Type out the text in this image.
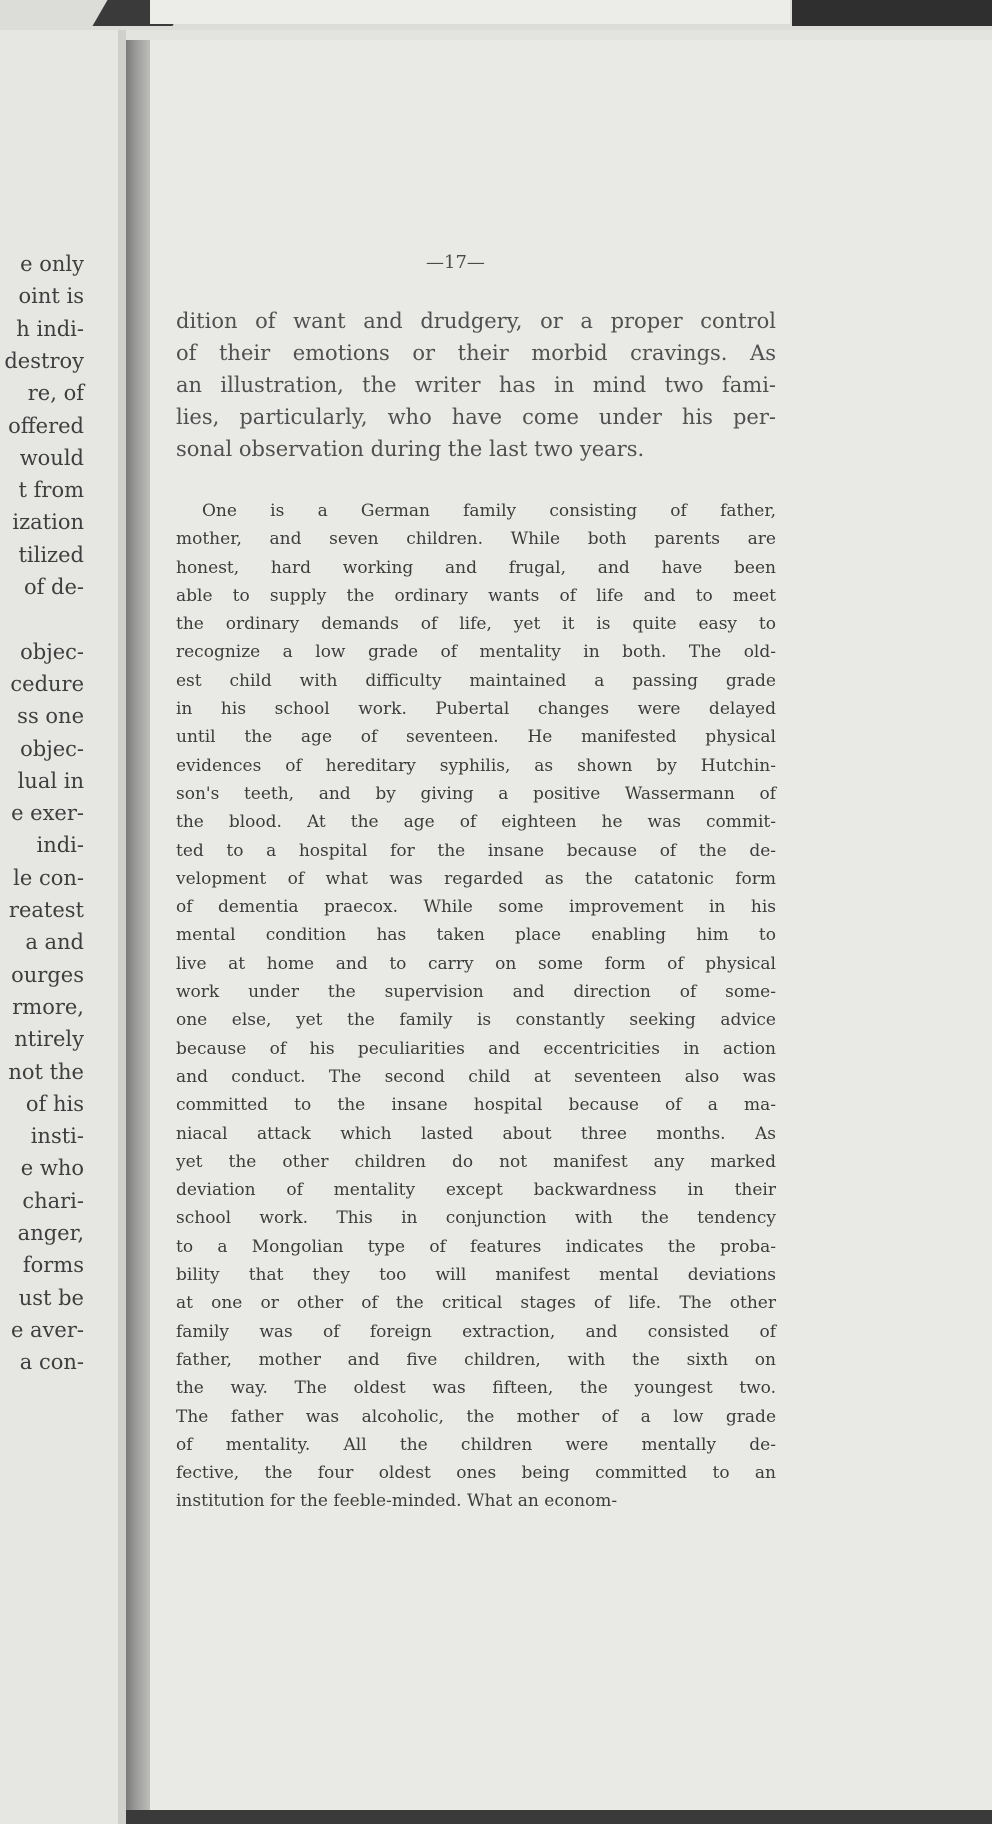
e only
oint is
h indi-
destroy
re, of
offered
would
t from
ization
tilized
of de-
objec-
cedure
ss one
objec-
lual in
e exer-
indi-
le con-
reatest
a and
ourges
rmore,
ntirely
not the
of his
insti-
e who
chari-
anger,
forms
ust be
e aver-
a con-
—17—
dition of want and drudgery, or a proper control
of their emotions or their morbid cravings. As
an illustration, the writer has in mind two fami-
lies, particularly, who have come under his per-
sonal observation during the last two years.
One is a German family consisting of father,
mother, and seven children. While both parents are
honest, hard working and frugal, and have been
able to supply the ordinary wants of life and to meet
the ordinary demands of life, yet it is quite easy to
recognize a low grade of mentality in both. The old-
est child with difficulty maintained a passing grade
in his school work. Pubertal changes were delayed
until the age of seventeen. He manifested physical
evidences of hereditary syphilis, as shown by Hutchin-
son's teeth, and by giving a positive Wassermann of
the blood. At the age of eighteen he was commit-
ted to a hospital for the insane because of the de-
velopment of what was regarded as the catatonic form
of dementia praecox. While some improvement in his
mental condition has taken place enabling him to
live at home and to carry on some form of physical
work under the supervision and direction of some-
one else, yet the family is constantly seeking advice
because of his peculiarities and eccentricities in action
and conduct. The second child at seventeen also was
committed to the insane hospital because of a ma-
niacal attack which lasted about three months. As
yet the other children do not manifest any marked
deviation of mentality except backwardness in their
school work. This in conjunction with the tendency
to a Mongolian type of features indicates the proba-
bility that they too will manifest mental deviations
at one or other of the critical stages of life. The other
family was of foreign extraction, and consisted of
father, mother and five children, with the sixth on
the way. The oldest was fifteen, the youngest two.
The father was alcoholic, the mother of a low grade
of mentality. All the children were mentally de-
fective, the four oldest ones being committed to an
institution for the feeble-minded. What an econom-
